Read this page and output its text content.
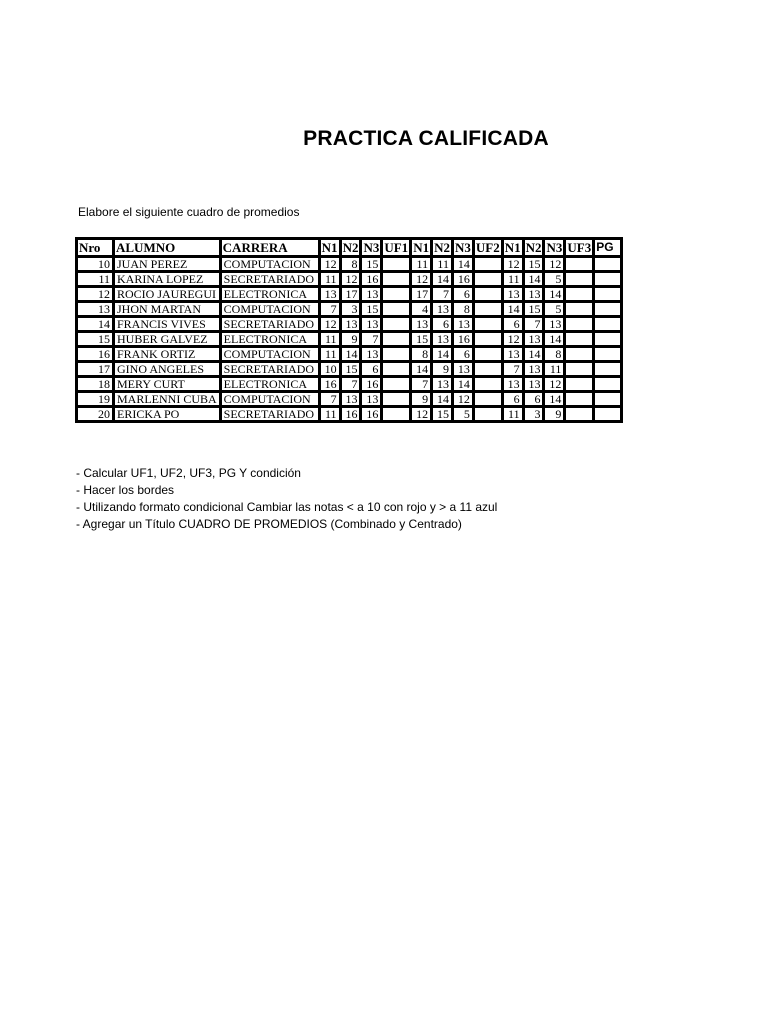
PRACTICA CALIFICADA
Elabore el siguiente cuadro de promedios
Nro	ALUMNO	CARRERA	N1	N2	N3	UF1	N1	N2	N3	UF2	N1	N2	N3	UF3	PG
10	JUAN PEREZ	COMPUTACION	12	8	15		11	11	14		12	15	12		
11	KARINA LOPEZ	SECRETARIADO	11	12	16		12	14	16		11	14	5		
12	ROCIO JAUREGUI	ELECTRONICA	13	17	13		17	7	6		13	13	14		
13	JHON MARTAN	COMPUTACION	7	3	15		4	13	8		14	15	5		
14	FRANCIS VIVES	SECRETARIADO	12	13	13		13	6	13		6	7	13		
15	HUBER GALVEZ	ELECTRONICA	11	9	7		15	13	16		12	13	14		
16	FRANK ORTIZ	COMPUTACION	11	14	13		8	14	6		13	14	8		
17	GINO ANGELES	SECRETARIADO	10	15	6		14	9	13		7	13	11		
18	MERY CURT	ELECTRONICA	16	7	16		7	13	14		13	13	12		
19	MARLENNI CUBA	COMPUTACION	7	13	13		9	14	12		6	6	14		
20	ERICKA PO	SECRETARIADO	11	16	16		12	15	5		11	3	9		
- Calcular UF1, UF2, UF3, PG Y condición
- Hacer los bordes
- Utilizando formato condicional Cambiar las notas < a 10 con rojo y > a 11 azul
- Agregar un Título CUADRO DE PROMEDIOS (Combinado y Centrado)
